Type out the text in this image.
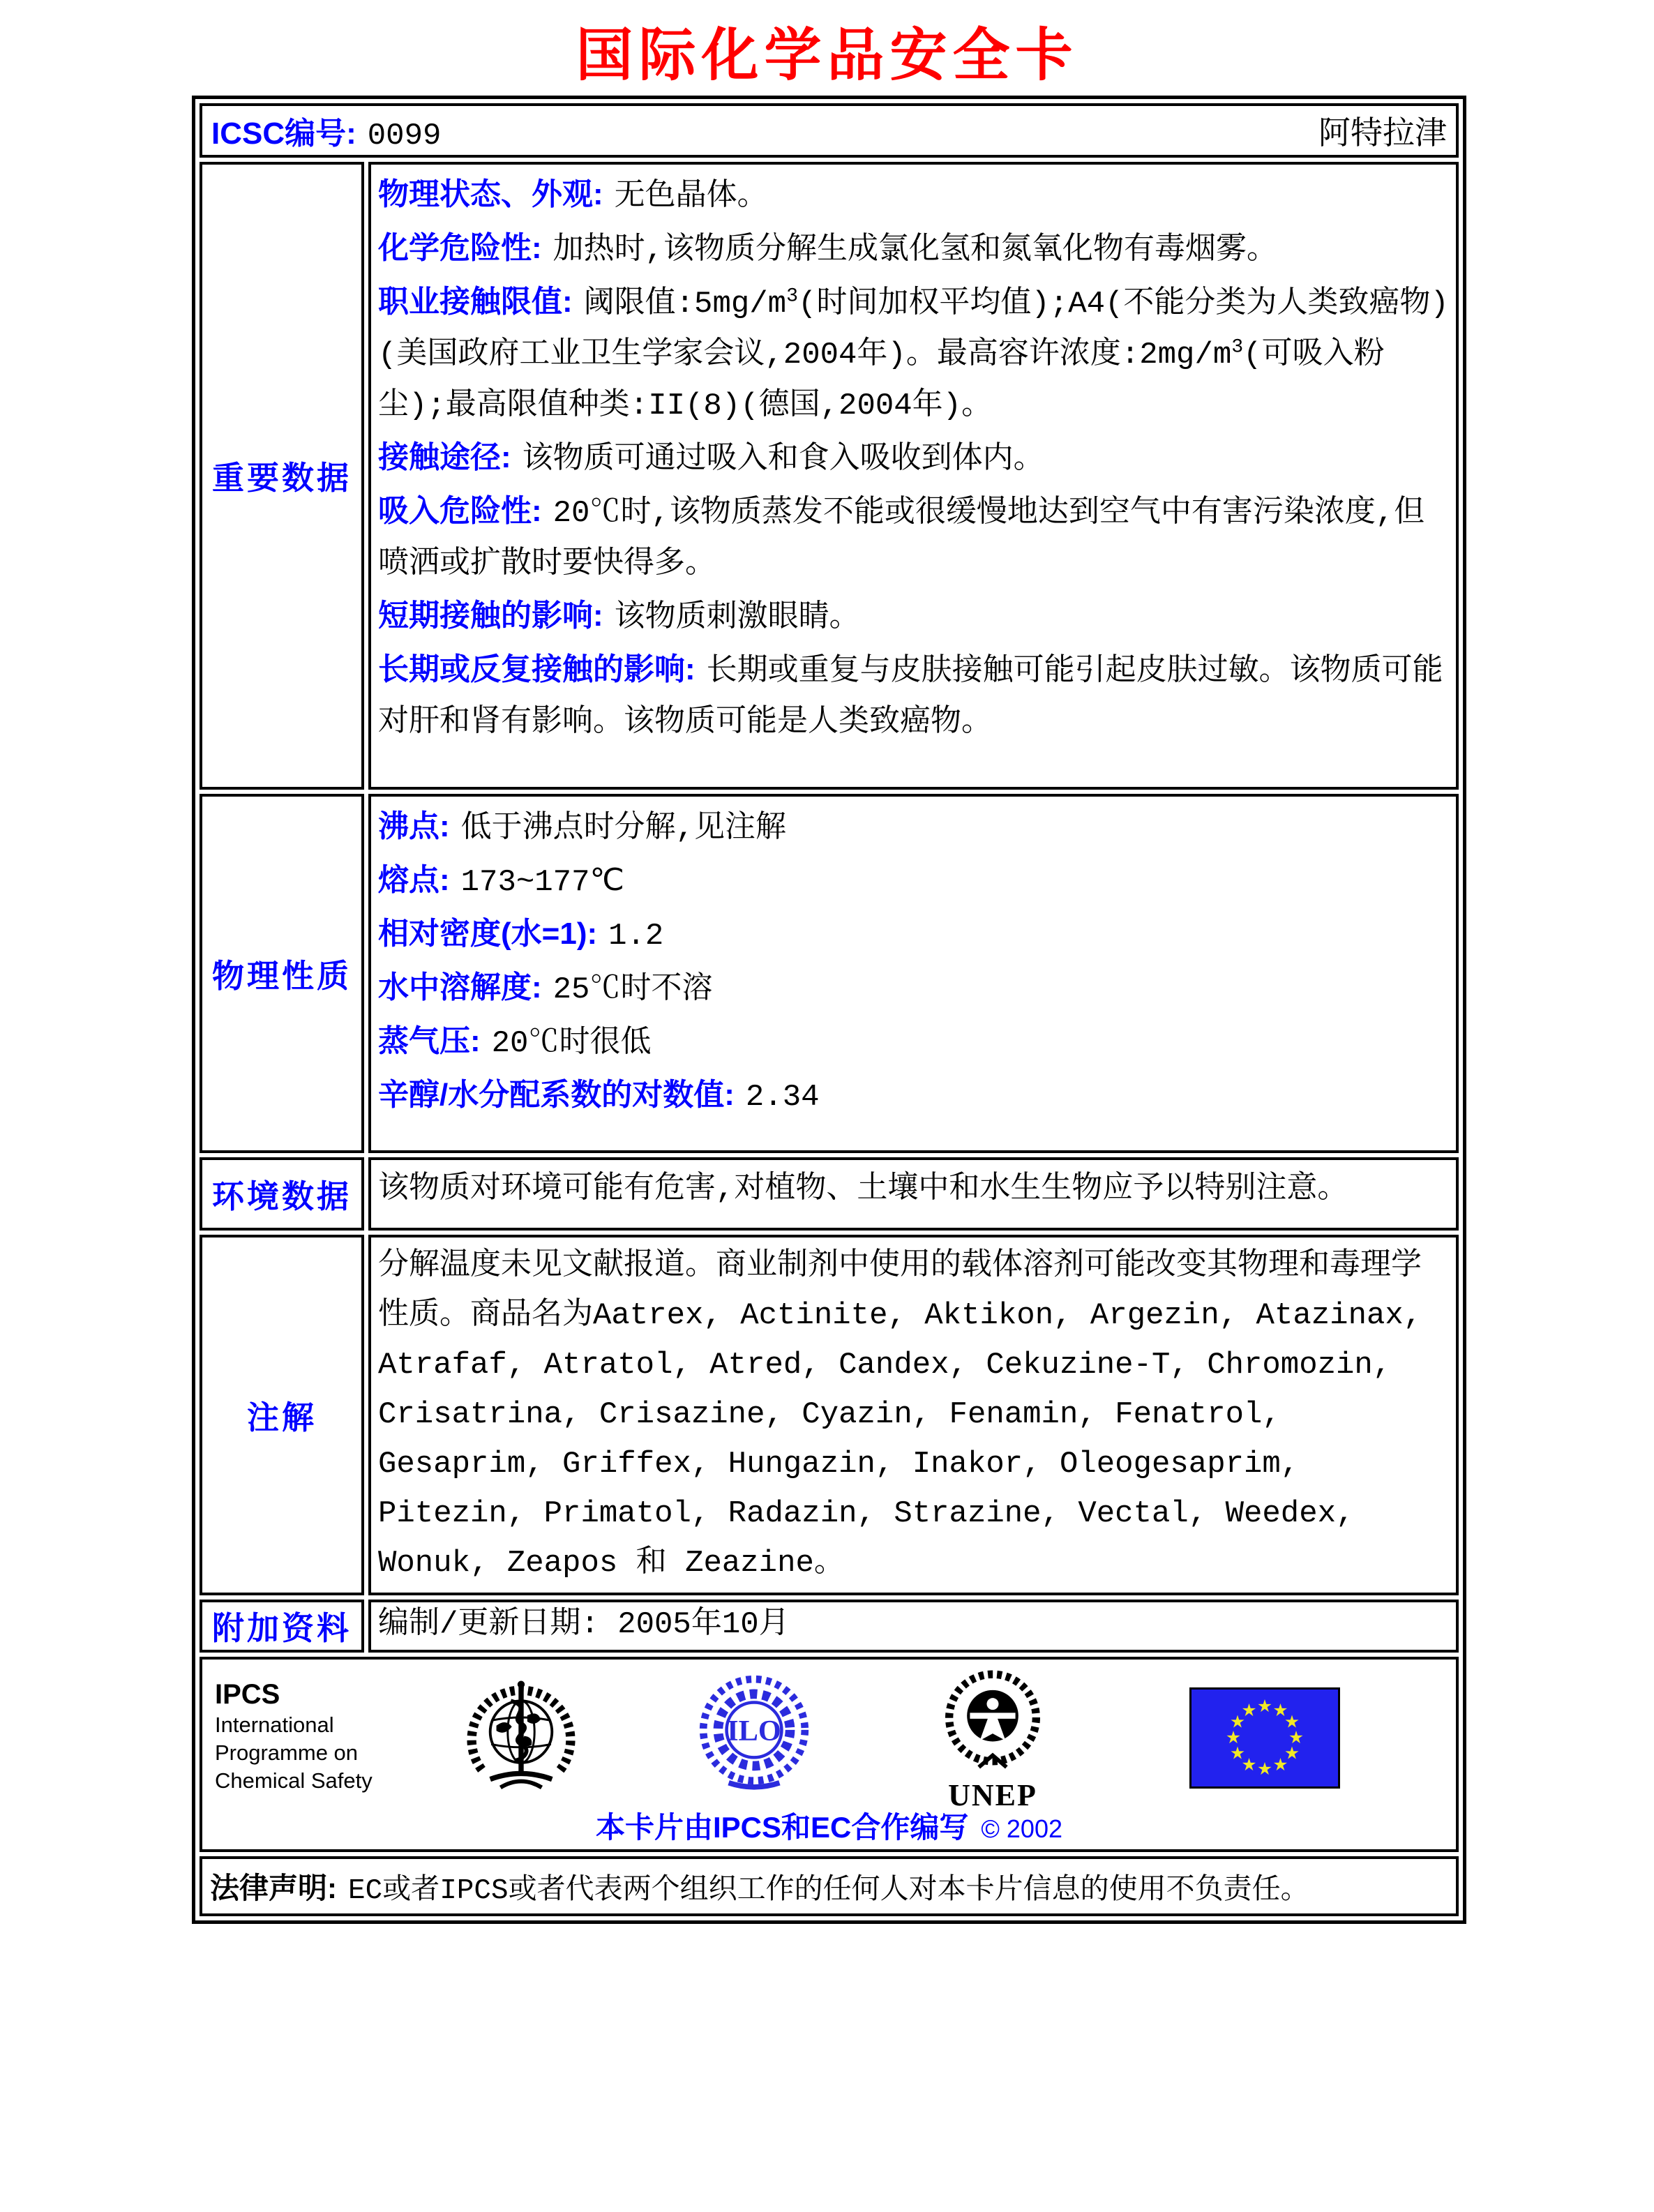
国际化学品安全卡
ICSC编号: 0099 阿特拉津	

重要数据	
物理状态、外观: 无色晶体。
化学危险性: 加热时,该物质分解生成氯化氢和氮氧化物有毒烟雾。
职业接触限值: 阈限值$:5mg/m^3$(时间加权平均值);A4(不能分类为人类致癌物)(美国政府工业卫生学家会议,2004年)。最高容许浓度$:2mg/m^3$(可吸入粉尘);最高限值种类:II(8)(德国,2004年)。
接触途径: 该物质可通过吸入和食入吸收到体内。
吸入危险性: 20℃时,该物质蒸发不能或很缓慢地达到空气中有害污染浓度,但喷洒或扩散时要快得多。
短期接触的影响: 该物质刺激眼睛。
长期或反复接触的影响: 长期或重复与皮肤接触可能引起皮肤过敏。该物质可能对肝和肾有影响。该物质可能是人类致癌物。

物理性质	
沸点: 低于沸点时分解,见注解
熔点: 173~177℃
相对密度(水=1): 1.2
水中溶解度: 25℃时不溶
蒸气压: 20℃时很低
辛醇/水分配系数的对数值: 2.34

环境数据	该物质对环境可能有危害,对植物、土壤中和水生生物应予以特别注意。

注解	分解温度未见文献报道。商业制剂中使用的载体溶剂可能改变其物理和毒理学性质。商品名为Aatrex, Actinite, Aktikon, Argezin, Atazinax, Atrafaf, Atratol, Atred, Candex, Cekuzine-T, Chromozin, Crisatrina, Crisazine, Cyazin, Fenamin, Fenatrol, Gesaprim, Griffex, Hungazin, Inakor, Oleogesaprim, Pitezin, Primatol, Radazin, Strazine, Vectal, Weedex, Wonuk, Zeapos 和 Zeazine。

附加资料	编制/更新日期: 2005年10月

IPCS
International
Programme on
Chemical Safety
ILO
UNEP
本卡片由IPCS和EC合作编写 © 2002

法律声明: EC或者IPCS或者代表两个组织工作的任何人对本卡片信息的使用不负责任。	
